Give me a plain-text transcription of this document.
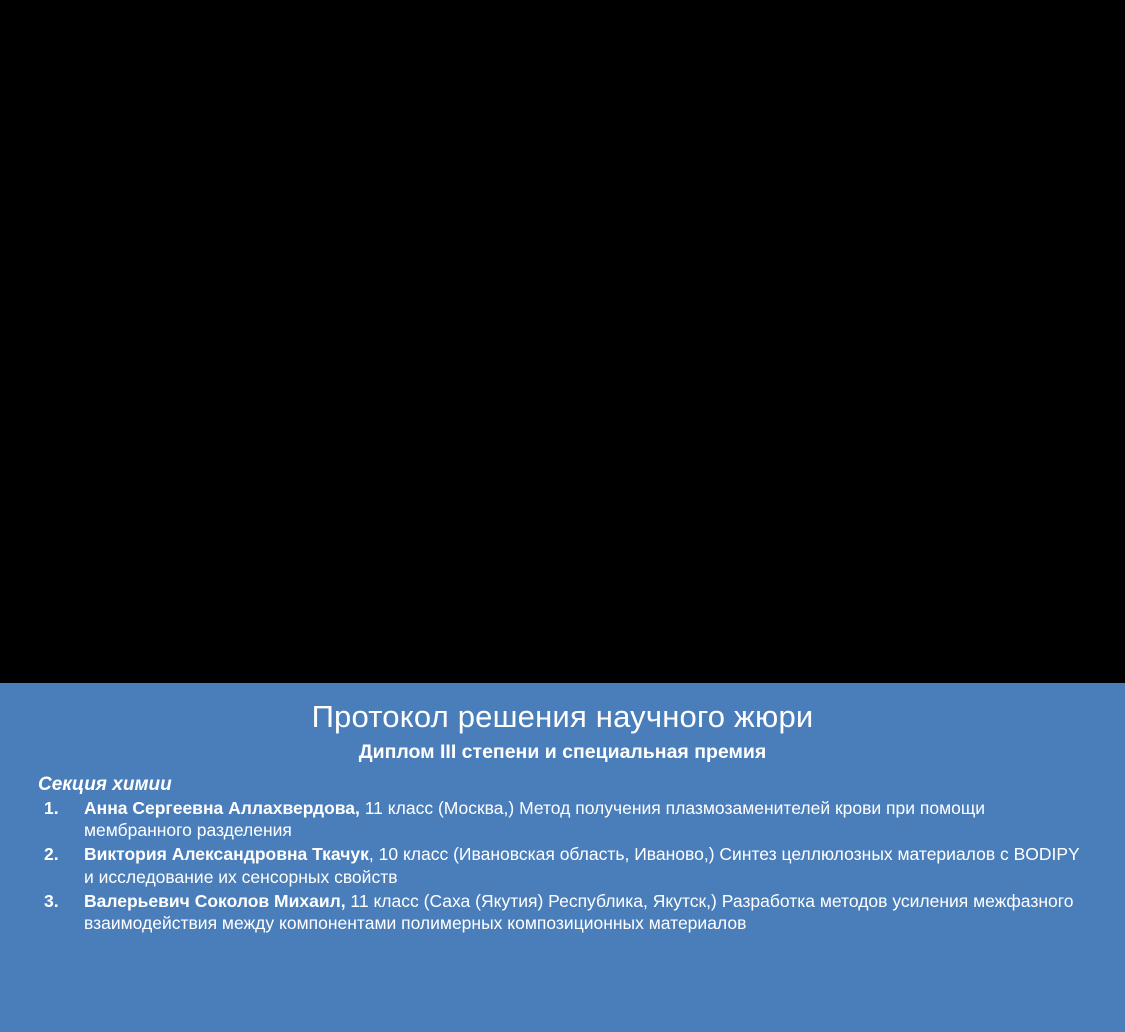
Протокол решения научного жюри
Диплом III степени и специальная премия
Секция химии
1. Анна Сергеевна Аллахвердова, 11 класс (Москва,) Метод получения плазмозаменителей крови при помощи мембранного разделения
2. Виктория Александровна Ткачук, 10 класс (Ивановская область, Иваново,) Синтез целлюлозных материалов с BODIPY и исследование их сенсорных свойств
3. Валерьевич Соколов Михаил, 11 класс (Саха (Якутия) Республика, Якутск,) Разработка методов усиления межфазного взаимодействия между компонентами полимерных композиционных материалов
